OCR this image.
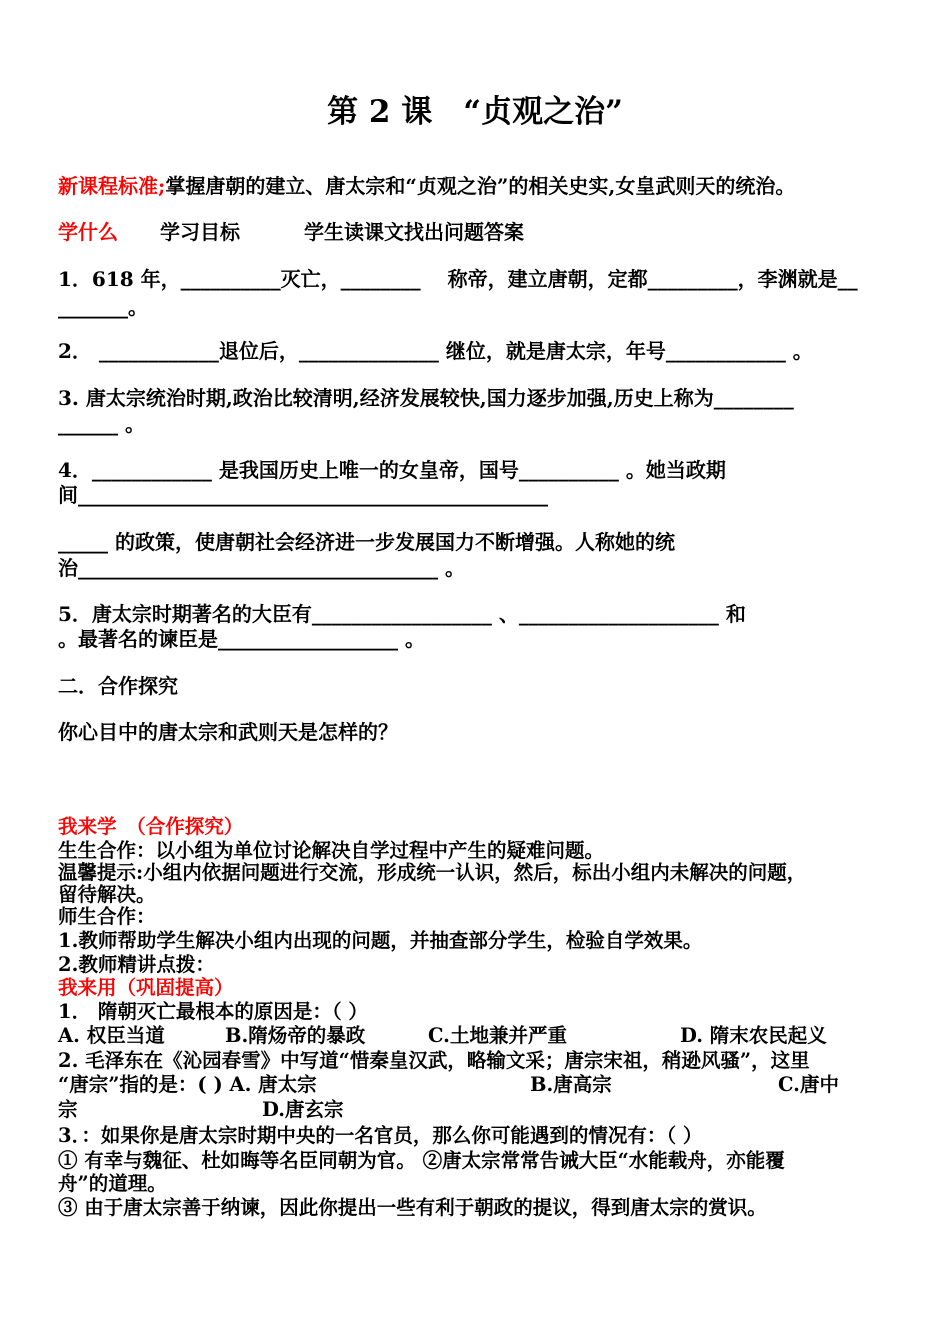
第 2 课　“贞观之治”
新课程标准;掌握唐朝的建立、唐太宗和“贞观之治”的相关史实,女皇武则天的统治。
学什么 学习目标	学生读课文找出问题答案
1．618 年，__________灭亡，________　 称帝，建立唐朝，定都_________，李渊就是__
_______。
2． ____________退位后，______________ 继位，就是唐太宗，年号____________ 。
3. 唐太宗统治时期,政治比较清明,经济发展较快,国力逐步加强,历史上称为________
______ 。
4．____________ 是我国历史上唯一的女皇帝，国号__________ 。她当政期
间_______________________________________________
_____ 的政策，使唐朝社会经济进一步发展国力不断增强。人称她的统
治____________________________________ 。
5．唐太宗时期著名的大臣有__________________ 、____________________ 和
。最著名的谏臣是__________________ 。
二．合作探究
你心目中的唐太宗和武则天是怎样的？
我来学　（合作探究）
生生合作：以小组为单位讨论解决自学过程中产生的疑难问题。
温馨提示:小组内依据问题进行交流，形成统一认识，然后，标出小组内未解决的问题，
留待解决。
师生合作：
1.教师帮助学生解决小组内出现的问题，并抽查部分学生，检验自学效果。
2.教师精讲点拨：
我来用（巩固提高）
1． 隋朝灭亡最根本的原因是：（ ）
A. 权臣当道	B.隋炀帝的暴政	C.土地兼并严重	D. 隋末农民起义
2. 毛泽东在《沁园春雪》中写道“惜秦皇汉武，略输文采；唐宗宋祖，稍逊风骚”，这里
“唐宗”指的是：( ) A. 唐太宗	B.唐高宗	C.唐中
宗	D.唐玄宗
3．：如果你是唐太宗时期中央的一名官员，那么你可能遇到的情况有：（ ）
① 有幸与魏征、杜如晦等名臣同朝为官。 ②唐太宗常常告诫大臣“水能载舟，亦能覆
舟”的道理。
③ 由于唐太宗善于纳谏，因此你提出一些有利于朝政的提议，得到唐太宗的赏识。
